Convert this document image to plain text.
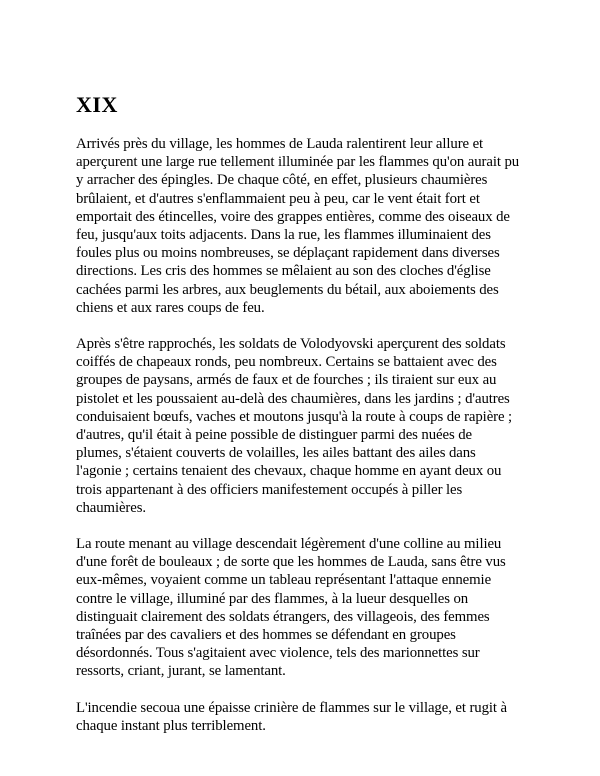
XIX

Arrivés près du village, les hommes de Lauda ralentirent leur allure et
aperçurent une large rue tellement illuminée par les flammes qu'on aurait pu
y arracher des épingles. De chaque côté, en effet, plusieurs chaumières
brûlaient, et d'autres s'enflammaient peu à peu, car le vent était fort et
emportait des étincelles, voire des grappes entières, comme des oiseaux de
feu, jusqu'aux toits adjacents. Dans la rue, les flammes illuminaient des
foules plus ou moins nombreuses, se déplaçant rapidement dans diverses
directions. Les cris des hommes se mêlaient au son des cloches d'église
cachées parmi les arbres, aux beuglements du bétail, aux aboiements des
chiens et aux rares coups de feu.

Après s'être rapprochés, les soldats de Volodyovski aperçurent des soldats
coiffés de chapeaux ronds, peu nombreux. Certains se battaient avec des
groupes de paysans, armés de faux et de fourches ; ils tiraient sur eux au
pistolet et les poussaient au-delà des chaumières, dans les jardins ; d'autres
conduisaient bœufs, vaches et moutons jusqu'à la route à coups de rapière ;
d'autres, qu'il était à peine possible de distinguer parmi des nuées de
plumes, s'étaient couverts de volailles, les ailes battant des ailes dans
l'agonie ; certains tenaient des chevaux, chaque homme en ayant deux ou
trois appartenant à des officiers manifestement occupés à piller les
chaumières.

La route menant au village descendait légèrement d'une colline au milieu
d'une forêt de bouleaux ; de sorte que les hommes de Lauda, sans être vus
eux-mêmes, voyaient comme un tableau représentant l'attaque ennemie
contre le village, illuminé par des flammes, à la lueur desquelles on
distinguait clairement des soldats étrangers, des villageois, des femmes
traînées par des cavaliers et des hommes se défendant en groupes
désordonnés. Tous s'agitaient avec violence, tels des marionnettes sur
ressorts, criant, jurant, se lamentant.

L'incendie secoua une épaisse crinière de flammes sur le village, et rugit à
chaque instant plus terriblement.
